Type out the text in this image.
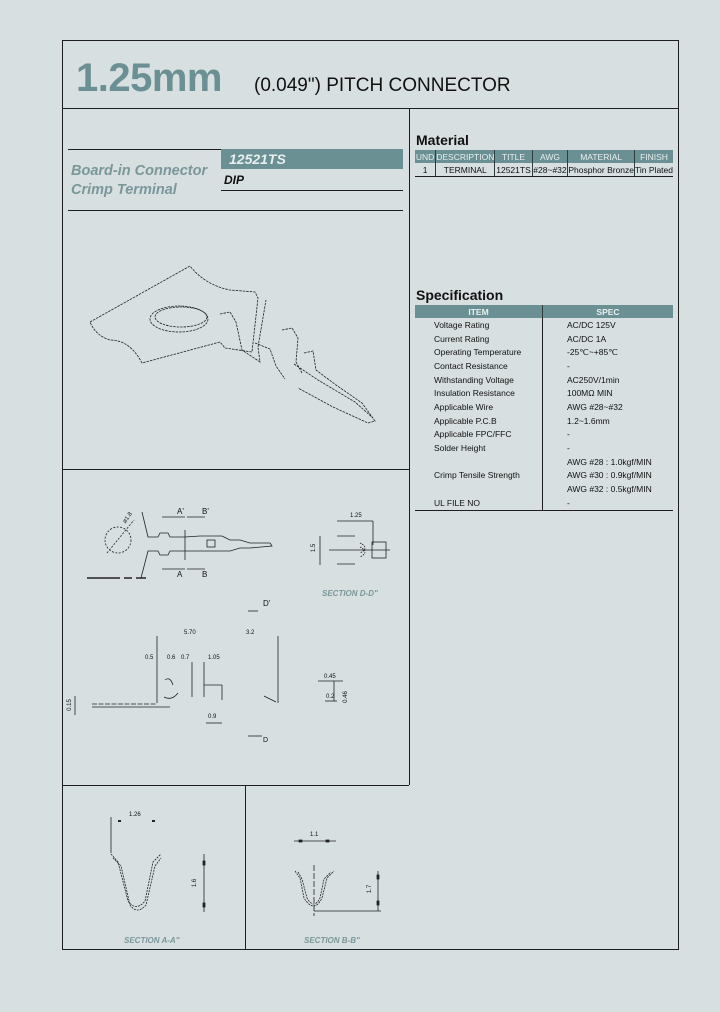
1.25mm (0.049") PITCH CONNECTOR
Board-in Connector
Crimp Terminal
12521TS
DIP
Material
UND	DESCRIPTION	TITLE	AWG	MATERIAL	FINISH
1	TERMINAL	12521TS	#28~#32	Phosphor Bronze	Tin Plated
Specification
ITEM	SPEC
Voltage Rating	AC/DC 125V
Current Rating	AC/DC 1A
Operating Temperature	-25℃~+85℃
Contact Resistance	-
Withstanding Voltage	AC250V/1min
Insulation Resistance	100MΩ MIN
Applicable Wire	AWG #28~#32
Applicable P.C.B	1.2~1.6mm
Applicable FPC/FFC	-
Solder Height	-
	AWG #28 : 1.0kgf/MIN
Crimp Tensile Strength	AWG #30 : 0.9kgf/MIN
	AWG #32 : 0.5kgf/MIN
UL FILE NO	-
ø1.8	A' B'
A B
1.25
1.5
SECTION D-D"
D'
5.70	3.2
0.5 0.6 0.7	1.05
0.9
0.15
0.45
0.2 0.46
D
1.26
1.6
1.1
1.7
SECTION A-A"	SECTION B-B"
